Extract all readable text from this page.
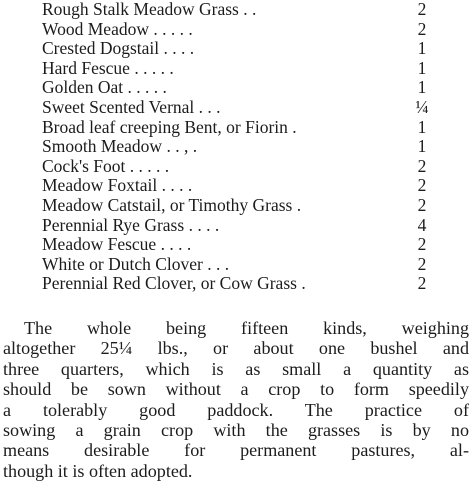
Rough Stalk Meadow Grass . .	2
Wood Meadow . . . . .	2
Crested Dogstail . . . .	1
Hard Fescue . . . . .	1
Golden Oat . . . . .	1
Sweet Scented Vernal . . .	¼
Broad leaf creeping Bent, or Fiorin .	1
Smooth Meadow . . , .	1
Cock's Foot . . . . .	2
Meadow Foxtail . . . .	2
Meadow Catstail, or Timothy Grass .	2
Perennial Rye Grass . . . .	4
Meadow Fescue . . . .	2
White or Dutch Clover . . .	2
Perennial Red Clover, or Cow Grass .	2
The whole being fifteen kinds, weighing
altogether 25¼ lbs., or about one bushel and
three quarters, which is as small a quantity as
should be sown without a crop to form speedily
a tolerably good paddock. The practice of
sowing a grain crop with the grasses is by no
means desirable for permanent pastures, al-
though it is often adopted.
